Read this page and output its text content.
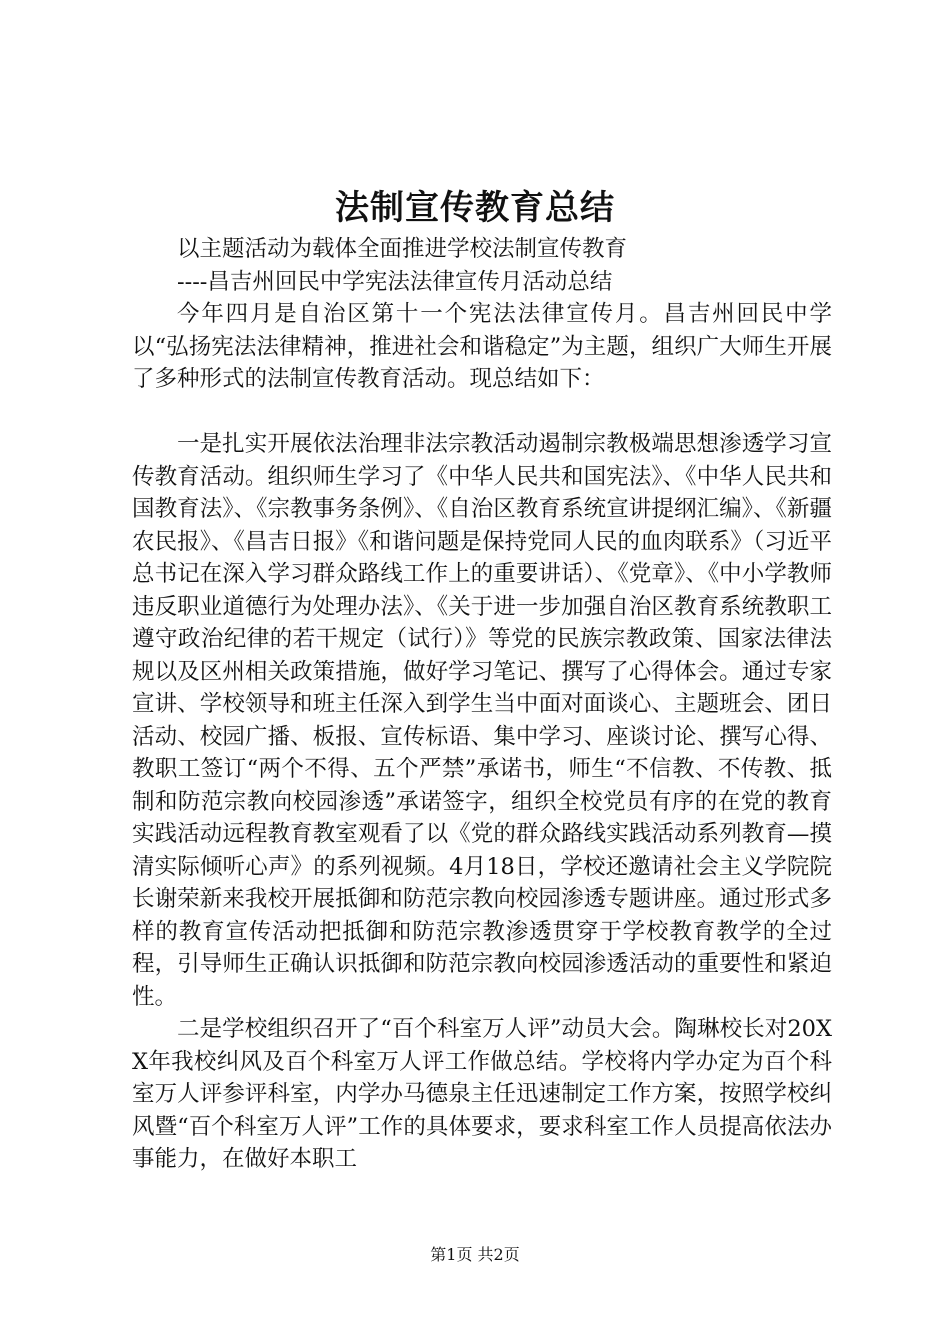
法制宣传教育总结

以主题活动为载体全面推进学校法制宣传教育

----昌吉州回民中学宪法法律宣传月活动总结

今年四月是自治区第十一个宪法法律宣传月。昌吉州回民中学以“弘扬宪法法律精神，推进社会和谐稳定”为主题，组织广大师生开展了多种形式的法制宣传教育活动。现总结如下：

一是扎实开展依法治理非法宗教活动遏制宗教极端思想渗透学习宣传教育活动。组织师生学习了《中华人民共和国宪法》、《中华人民共和国教育法》、《宗教事务条例》、《自治区教育系统宣讲提纲汇编》、《新疆农民报》、《昌吉日报》《和谐问题是保持党同人民的血肉联系》（习近平总书记在深入学习群众路线工作上的重要讲话）、《党章》、《中小学教师违反职业道德行为处理办法》、《关于进一步加强自治区教育系统教职工遵守政治纪律的若干规定（试行）》等党的民族宗教政策、国家法律法规以及区州相关政策措施，做好学习笔记、撰写了心得体会。通过专家宣讲、学校领导和班主任深入到学生当中面对面谈心、主题班会、团日活动、校园广播、板报、宣传标语、集中学习、座谈讨论、撰写心得、教职工签订“两个不得、五个严禁”承诺书，师生“不信教、不传教、抵制和防范宗教向校园渗透”承诺签字，组织全校党员有序的在党的教育实践活动远程教育教室观看了以《党的群众路线实践活动系列教育—摸清实际倾听心声》的系列视频。4月18日，学校还邀请社会主义学院院长谢荣新来我校开展抵御和防范宗教向校园渗透专题讲座。通过形式多样的教育宣传活动把抵御和防范宗教渗透贯穿于学校教育教学的全过程，引导师生正确认识抵御和防范宗教向校园渗透活动的重要性和紧迫性。

二是学校组织召开了“百个科室万人评”动员大会。陶琳校长对20XX年我校纠风及百个科室万人评工作做总结。学校将内学办定为百个科室万人评参评科室，内学办马德泉主任迅速制定工作方案，按照学校纠风暨“百个科室万人评”工作的具体要求，要求科室工作人员提高依法办事能力，在做好本职工

第1页 共2页
